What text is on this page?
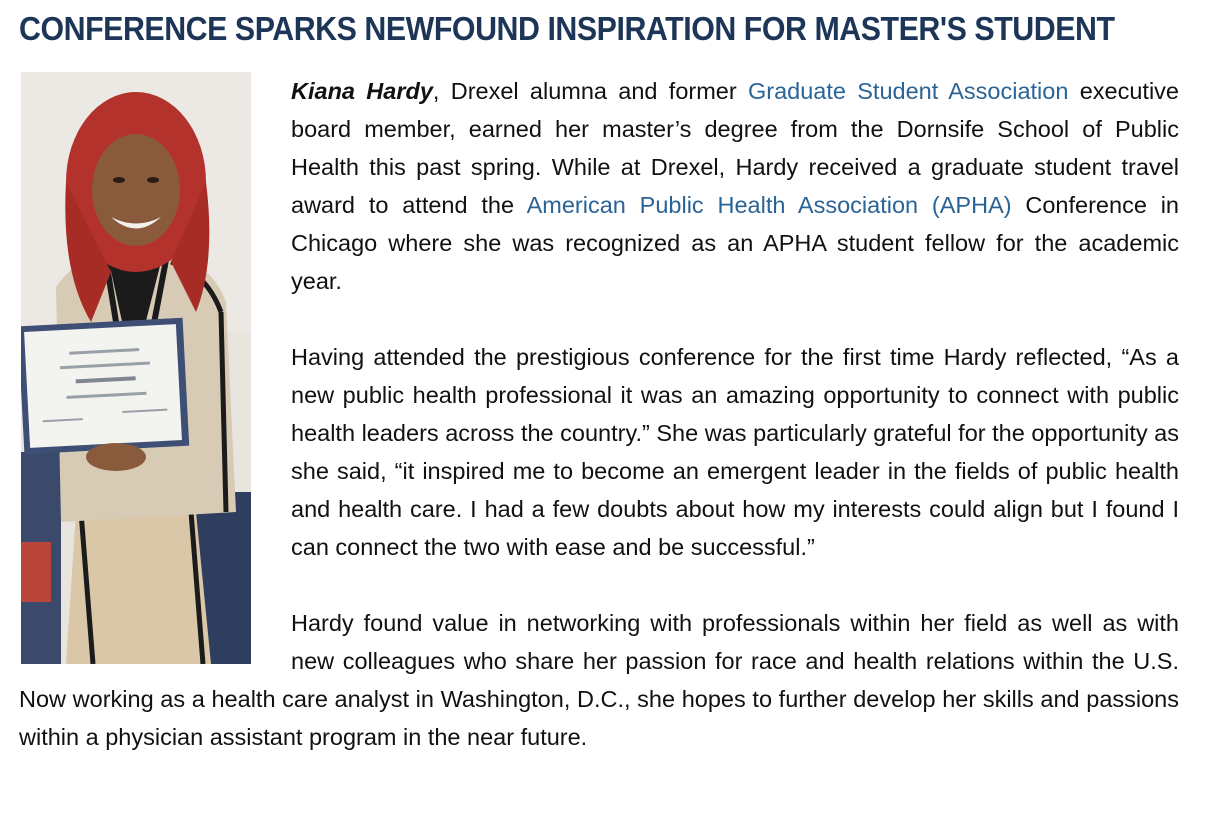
CONFERENCE SPARKS NEWFOUND INSPIRATION FOR MASTER'S STUDENT

Kiana Hardy, Drexel alumna and former Graduate Student Association executive board member, earned her master’s degree from the Dornsife School of Public Health this past spring. While at Drexel, Hardy received a graduate student travel award to attend the American Public Health Association (APHA) Conference in Chicago where she was recognized as an APHA student fellow for the academic year.

Having attended the prestigious conference for the first time Hardy reflected, “As a new public health professional it was an amazing opportunity to connect with public health leaders across the country.” She was particularly grateful for the opportunity as she said, “it inspired me to become an emergent leader in the fields of public health and health care. I had a few doubts about how my interests could align but I found I can connect the two with ease and be successful.”

Hardy found value in networking with professionals within her field as well as with new colleagues who share her passion for race and health relations within the U.S. Now working as a health care analyst in Washington, D.C., she hopes to further develop her skills and passions within a physician assistant program in the near future.
